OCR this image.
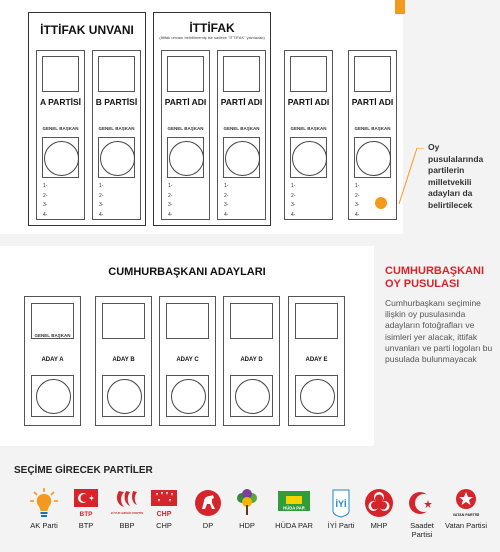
İTTİFAK UNVANI	İTTİFAK
(İttifak unvanı belirtilmemiş ise sadece "İTTİFAK" yazılacak)
A PARTİSİ
GENEL BAŞKAN
1 -
2 -
3 -
4 -
B PARTİSİ
GENEL BAŞKAN
1 -
2 -
3 -
4 -
PARTİ ADI
GENEL BAŞKAN
1 -
2 -
3 -
4 -
PARTİ ADI
GENEL BAŞKAN
1 -
2 -
3 -
4 -
PARTİ ADI
GENEL BAŞKAN
1 -
2 -
3 -
4 -
PARTİ ADI
GENEL BAŞKAN
1 -
2 -
3 -
4 -
Oy pusulalarında partilerin milletvekili adayları da belirtilecek
CUMHURBAŞKANI ADAYLARI
GENEL BAŞKAN
ADAY A	ADAY B	ADAY C	ADAY D	ADAY E
CUMHURBAŞKANI OY PUSULASI
Cumhurbaşkanı seçimine ilişkin oy pusulasında adayların fotoğrafları ve isimleri yer alacak, ittifak unvanları ve parti logoları bu pusulada bulunmayacak
SEÇİME GİRECEK PARTİLER
AK Parti
BTP
BTP
BÜYÜK BİRLİK PARTİSİ
BBP
CHP
CHP	DP	HDP
HÜDA PAR
HÜDA PAR
İYİ
İYİ Parti	MHP	Saadet Partisi
VATAN PARTİSİ
Vatan Partisi
